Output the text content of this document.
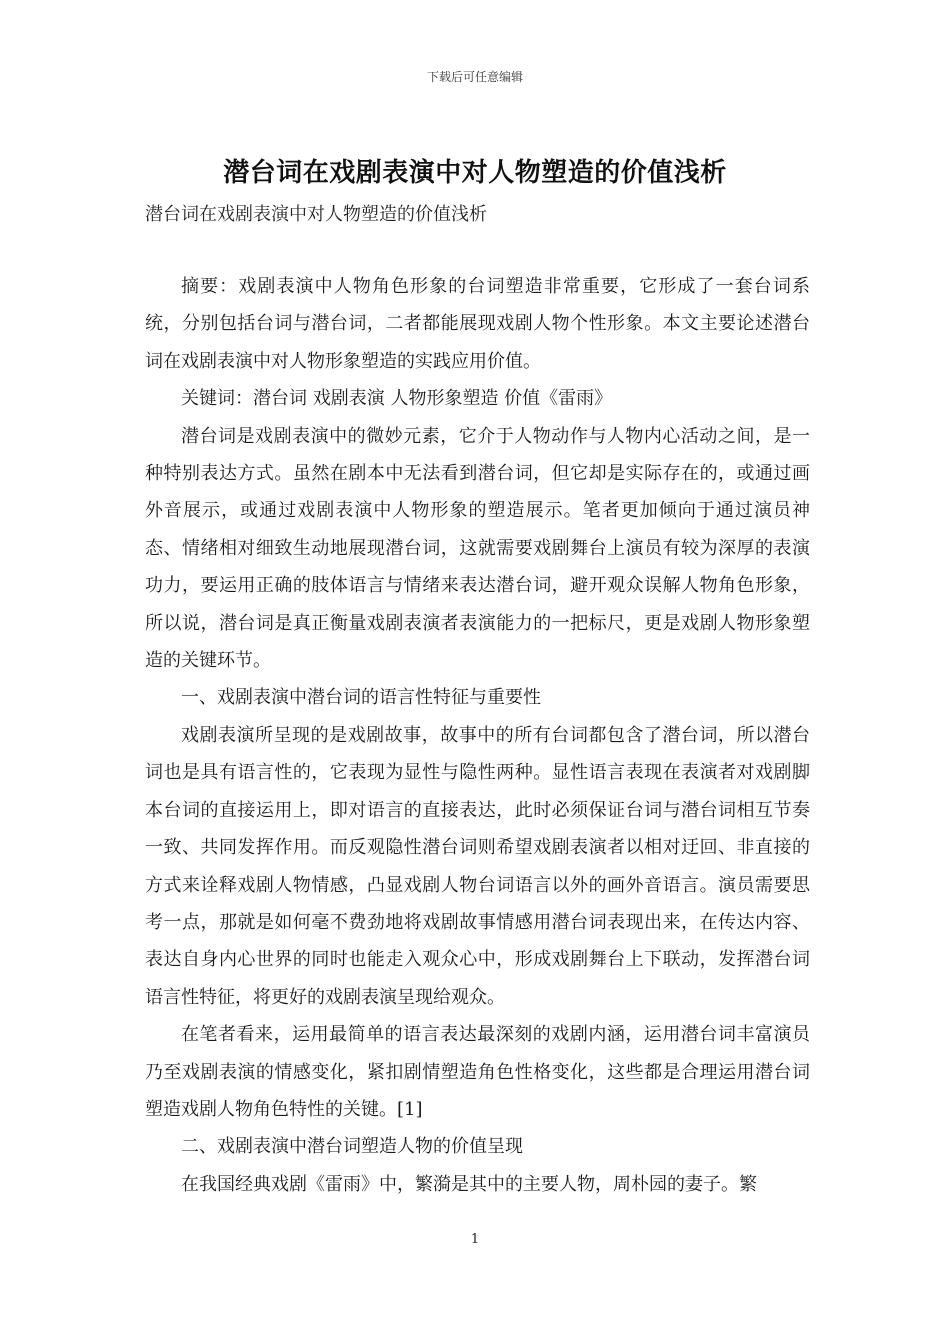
下载后可任意编辑
潜台词在戏剧表演中对人物塑造的价值浅析
潜台词在戏剧表演中对人物塑造的价值浅析

摘要：戏剧表演中人物角色形象的台词塑造非常重要，它形成了一套台词系统，分别包括台词与潜台词，二者都能展现戏剧人物个性形象。本文主要论述潜台词在戏剧表演中对人物形象塑造的实践应用价值。

关键词：潜台词 戏剧表演 人物形象塑造 价值《雷雨》

潜台词是戏剧表演中的微妙元素，它介于人物动作与人物内心活动之间，是一种特别表达方式。虽然在剧本中无法看到潜台词，但它却是实际存在的，或通过画外音展示，或通过戏剧表演中人物形象的塑造展示。笔者更加倾向于通过演员神态、情绪相对细致生动地展现潜台词，这就需要戏剧舞台上演员有较为深厚的表演功力，要运用正确的肢体语言与情绪来表达潜台词，避开观众误解人物角色形象，所以说，潜台词是真正衡量戏剧表演者表演能力的一把标尺，更是戏剧人物形象塑造的关键环节。

一、戏剧表演中潜台词的语言性特征与重要性

戏剧表演所呈现的是戏剧故事，故事中的所有台词都包含了潜台词，所以潜台词也是具有语言性的，它表现为显性与隐性两种。显性语言表现在表演者对戏剧脚本台词的直接运用上，即对语言的直接表达，此时必须保证台词与潜台词相互节奏一致、共同发挥作用。而反观隐性潜台词则希望戏剧表演者以相对迂回、非直接的方式来诠释戏剧人物情感，凸显戏剧人物台词语言以外的画外音语言。演员需要思考一点，那就是如何毫不费劲地将戏剧故事情感用潜台词表现出来，在传达内容、表达自身内心世界的同时也能走入观众心中，形成戏剧舞台上下联动，发挥潜台词语言性特征，将更好的戏剧表演呈现给观众。

在笔者看来，运用最简单的语言表达最深刻的戏剧内涵，运用潜台词丰富演员乃至戏剧表演的情感变化，紧扣剧情塑造角色性格变化，这些都是合理运用潜台词塑造戏剧人物角色特性的关键。[1]

二、戏剧表演中潜台词塑造人物的价值呈现

在我国经典戏剧《雷雨》中，繁漪是其中的主要人物，周朴园的妻子。繁

1
